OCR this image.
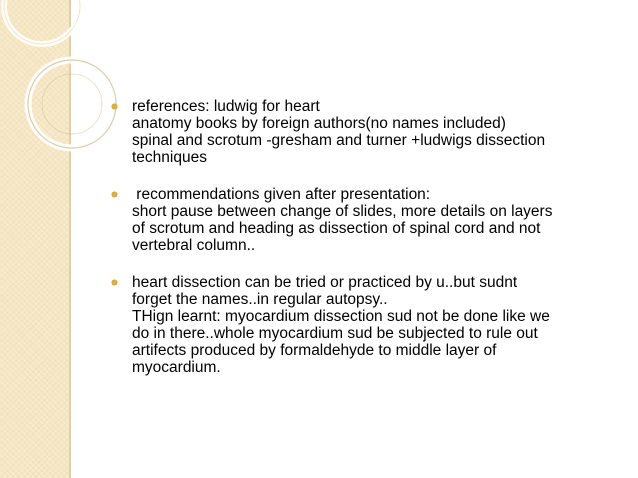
references: ludwig for heart
anatomy books by foreign authors(no names included)
spinal and scrotum -gresham and turner +ludwigs dissection
techniques
recommendations given after presentation:
short pause between change of slides, more details on layers
of scrotum and heading as dissection of spinal cord and not
vertebral column..
heart dissection can be tried or practiced by u..but sudnt
forget the names..in regular autopsy..
THign learnt: myocardium dissection sud not be done like we
do in there..whole myocardium sud be subjected to rule out
artifects produced by formaldehyde to middle layer of
myocardium.
